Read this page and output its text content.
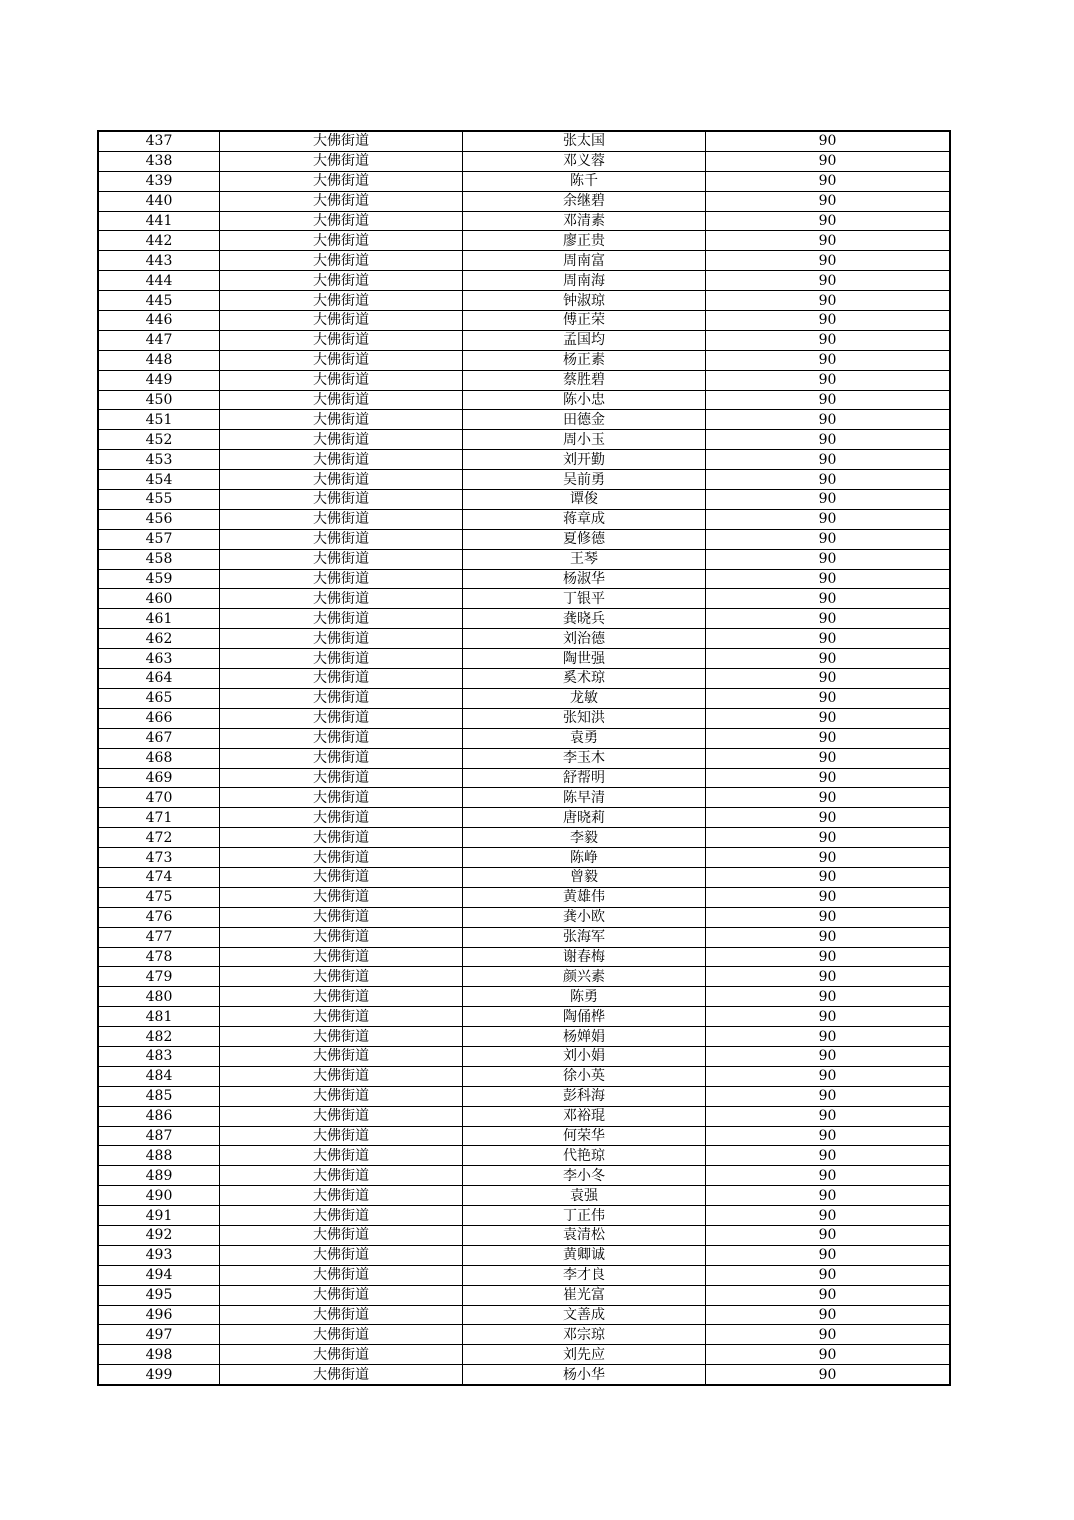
437	大佛街道	张太国	90
438	大佛街道	邓义蓉	90
439	大佛街道	陈千	90
440	大佛街道	余继碧	90
441	大佛街道	邓清素	90
442	大佛街道	廖正贵	90
443	大佛街道	周南富	90
444	大佛街道	周南海	90
445	大佛街道	钟淑琼	90
446	大佛街道	傅正荣	90
447	大佛街道	孟国均	90
448	大佛街道	杨正素	90
449	大佛街道	蔡胜碧	90
450	大佛街道	陈小忠	90
451	大佛街道	田德金	90
452	大佛街道	周小玉	90
453	大佛街道	刘开勤	90
454	大佛街道	吴前勇	90
455	大佛街道	谭俊	90
456	大佛街道	蒋章成	90
457	大佛街道	夏修德	90
458	大佛街道	王琴	90
459	大佛街道	杨淑华	90
460	大佛街道	丁银平	90
461	大佛街道	龚晓兵	90
462	大佛街道	刘治德	90
463	大佛街道	陶世强	90
464	大佛街道	奚术琼	90
465	大佛街道	龙敏	90
466	大佛街道	张知洪	90
467	大佛街道	袁勇	90
468	大佛街道	李玉木	90
469	大佛街道	舒帮明	90
470	大佛街道	陈早清	90
471	大佛街道	唐晓莉	90
472	大佛街道	李毅	90
473	大佛街道	陈峥	90
474	大佛街道	曾毅	90
475	大佛街道	黄雄伟	90
476	大佛街道	龚小欧	90
477	大佛街道	张海军	90
478	大佛街道	谢春梅	90
479	大佛街道	颜兴素	90
480	大佛街道	陈勇	90
481	大佛街道	陶俑桦	90
482	大佛街道	杨婵娟	90
483	大佛街道	刘小娟	90
484	大佛街道	徐小英	90
485	大佛街道	彭科海	90
486	大佛街道	邓裕琨	90
487	大佛街道	何荣华	90
488	大佛街道	代艳琼	90
489	大佛街道	李小冬	90
490	大佛街道	袁强	90
491	大佛街道	丁正伟	90
492	大佛街道	袁清松	90
493	大佛街道	黄卿诚	90
494	大佛街道	李才良	90
495	大佛街道	崔光富	90
496	大佛街道	文善成	90
497	大佛街道	邓宗琼	90
498	大佛街道	刘先应	90
499	大佛街道	杨小华	90
